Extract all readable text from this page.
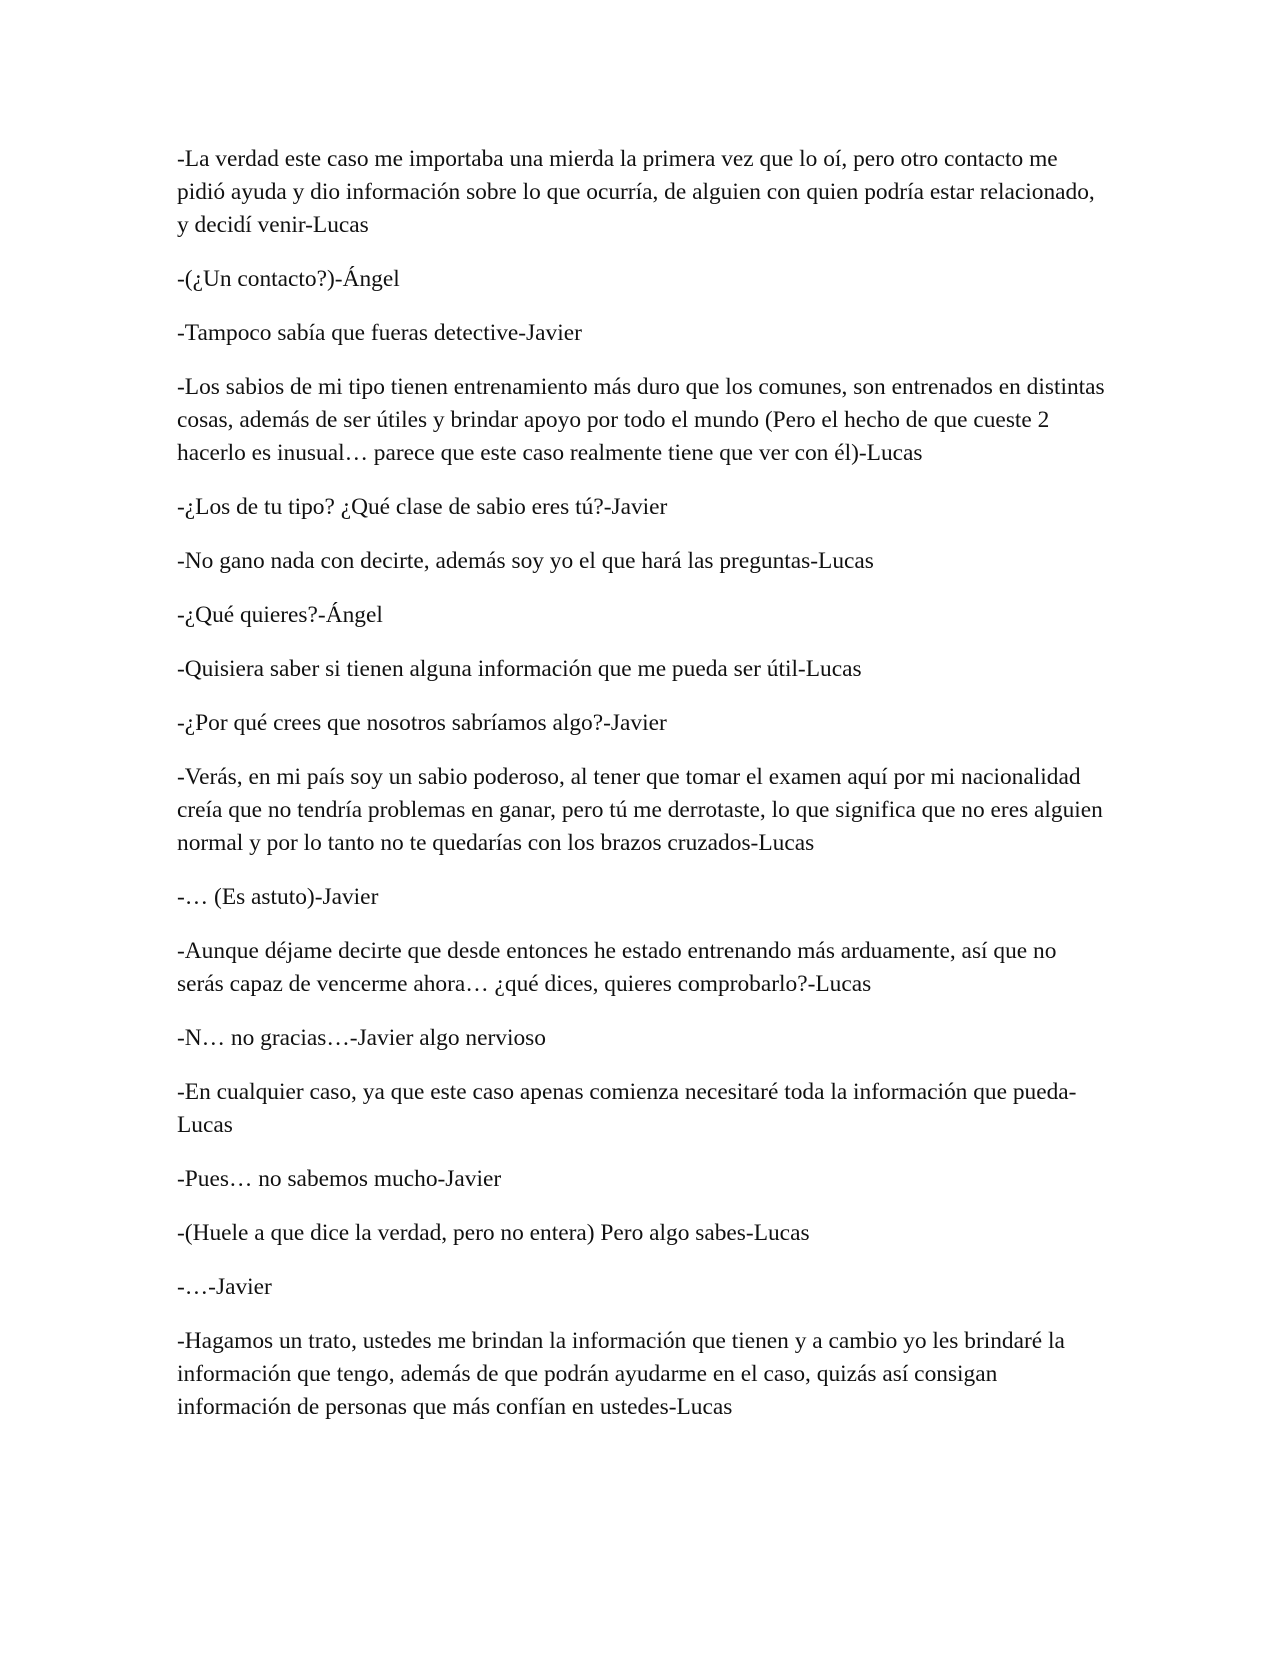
-La verdad este caso me importaba una mierda la primera vez que lo oí, pero otro contacto me pidió ayuda y dio información sobre lo que ocurría, de alguien con quien podría estar relacionado, y decidí venir-Lucas

-(¿Un contacto?)-Ángel

-Tampoco sabía que fueras detective-Javier

-Los sabios de mi tipo tienen entrenamiento más duro que los comunes, son entrenados en distintas cosas, además de ser útiles y brindar apoyo por todo el mundo (Pero el hecho de que cueste 2 hacerlo es inusual… parece que este caso realmente tiene que ver con él)-Lucas

-¿Los de tu tipo? ¿Qué clase de sabio eres tú?-Javier

-No gano nada con decirte, además soy yo el que hará las preguntas-Lucas

-¿Qué quieres?-Ángel

-Quisiera saber si tienen alguna información que me pueda ser útil-Lucas

-¿Por qué crees que nosotros sabríamos algo?-Javier

-Verás, en mi país soy un sabio poderoso, al tener que tomar el examen aquí por mi nacionalidad creía que no tendría problemas en ganar, pero tú me derrotaste, lo que significa que no eres alguien normal y por lo tanto no te quedarías con los brazos cruzados-Lucas

-… (Es astuto)-Javier

-Aunque déjame decirte que desde entonces he estado entrenando más arduamente, así que no serás capaz de vencerme ahora… ¿qué dices, quieres comprobarlo?-Lucas

-N… no gracias…-Javier algo nervioso

-En cualquier caso, ya que este caso apenas comienza necesitaré toda la información que pueda-Lucas

-Pues… no sabemos mucho-Javier

-(Huele a que dice la verdad, pero no entera) Pero algo sabes-Lucas

-…-Javier

-Hagamos un trato, ustedes me brindan la información que tienen y a cambio yo les brindaré la información que tengo, además de que podrán ayudarme en el caso, quizás así consigan información de personas que más confían en ustedes-Lucas
